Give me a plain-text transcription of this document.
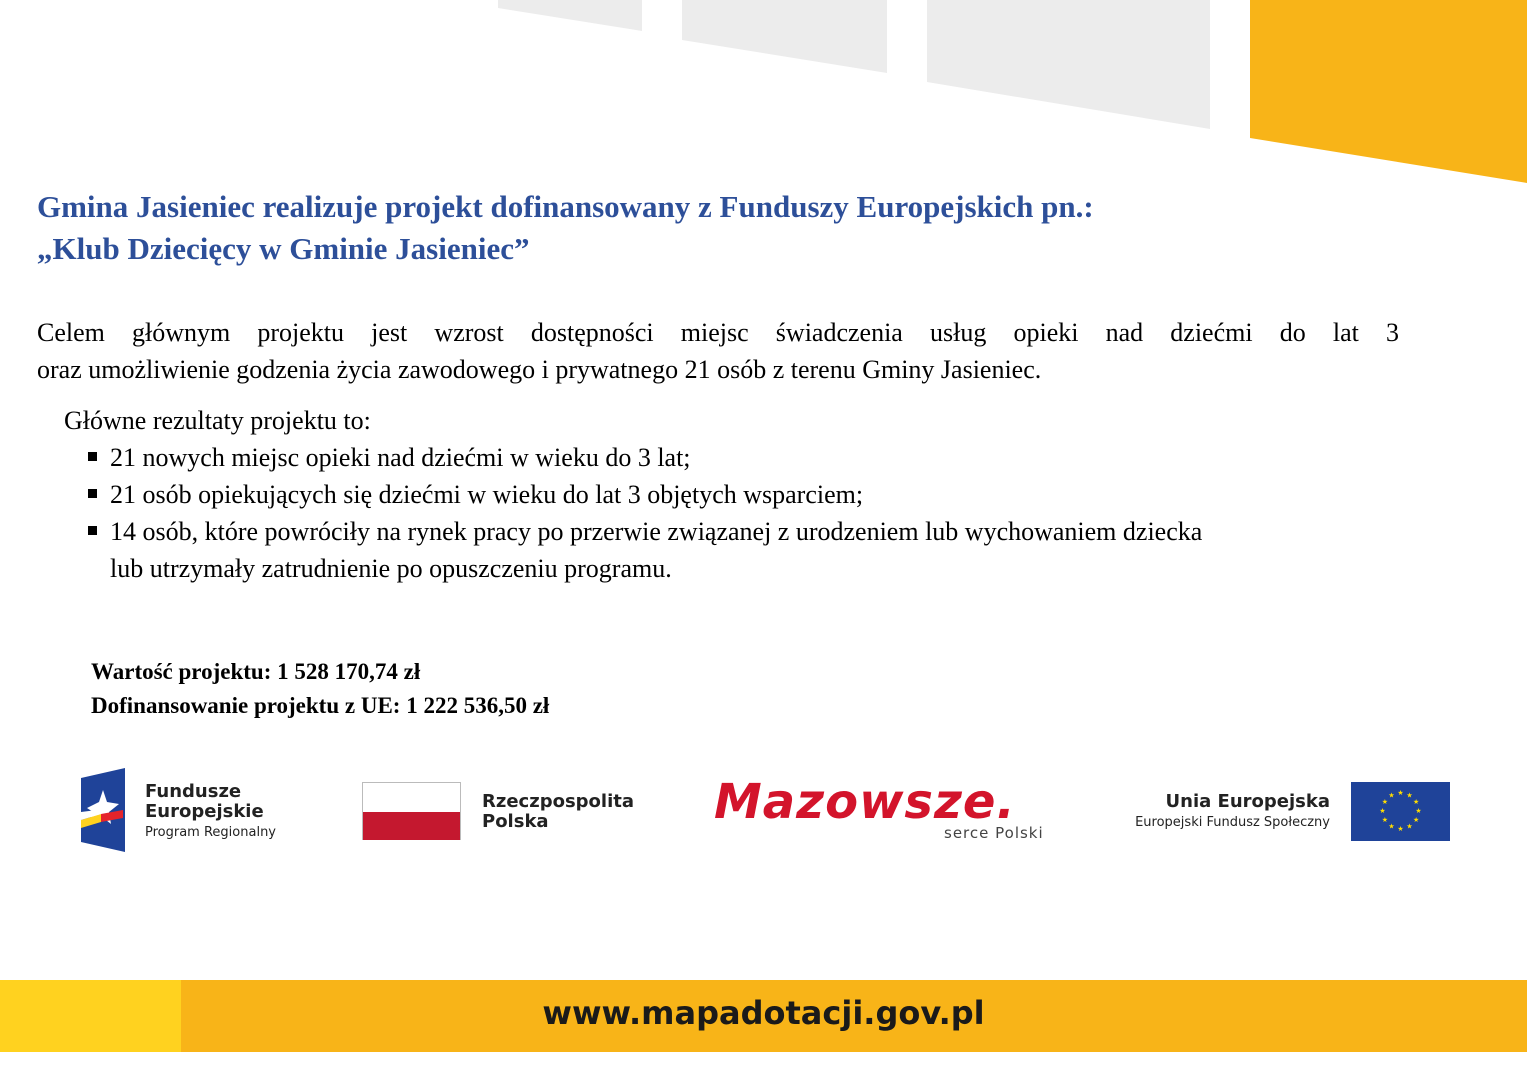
Gmina Jasieniec realizuje projekt dofinansowany z Funduszy Europejskich pn.:
„Klub Dziecięcy w Gminie Jasieniec”
Celem głównym projektu jest wzrost dostępności miejsc świadczenia usług opieki nad dziećmi do lat 3
oraz umożliwienie godzenia życia zawodowego i prywatnego 21 osób z terenu Gminy Jasieniec.
Główne rezultaty projektu to:
21 nowych miejsc opieki nad dziećmi w wieku do 3 lat;
21 osób opiekujących się dziećmi w wieku do lat 3 objętych wsparciem;
14 osób, które powróciły na rynek pracy po przerwie związanej z urodzeniem lub wychowaniem dziecka
lub utrzymały zatrudnienie po opuszczeniu programu.
Wartość projektu: 1 528 170,74 zł
Dofinansowanie projektu z UE: 1 222 536,50 zł
Fundusze
Europejskie
Program Regionalny
Rzeczpospolita
Polska	Mazowsze.
serce Polski
Unia Europejska
Europejski Fundusz Społeczny
★ ★
★
★
★
★
★
★
★
★
★
★
www.mapadotacji.gov.pl
